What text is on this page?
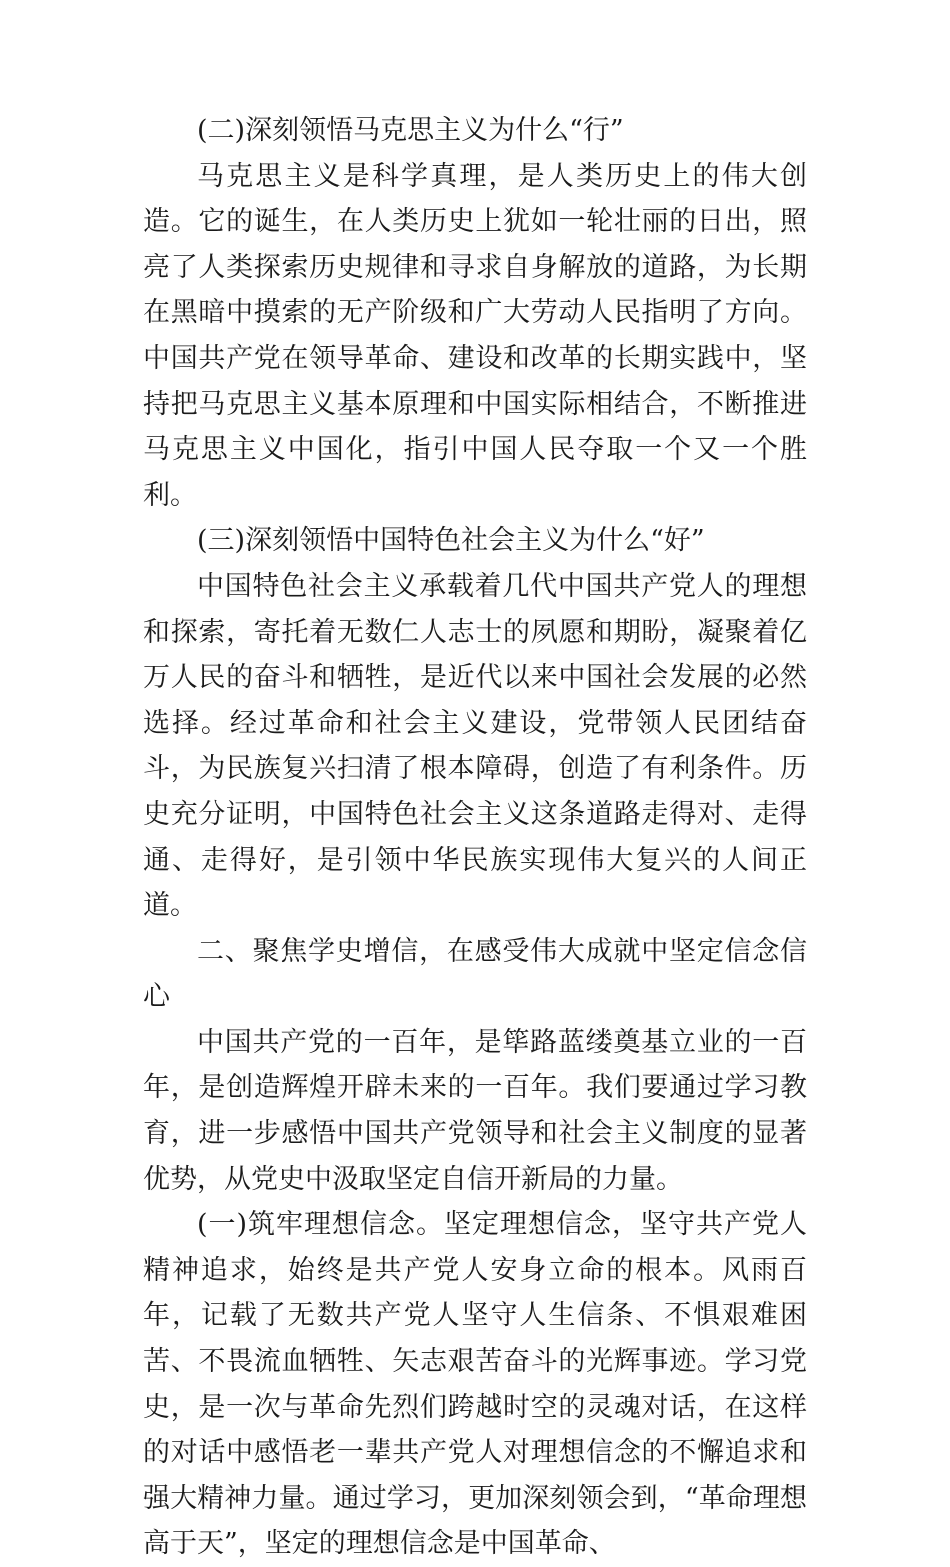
(二)深刻领悟马克思主义为什么“行”

马克思主义是科学真理，是人类历史上的伟大创造。它的诞生，在人类历史上犹如一轮壮丽的日出，照亮了人类探索历史规律和寻求自身解放的道路，为长期在黑暗中摸索的无产阶级和广大劳动人民指明了方向。中国共产党在领导革命、建设和改革的长期实践中，坚持把马克思主义基本原理和中国实际相结合，不断推进马克思主义中国化，指引中国人民夺取一个又一个胜利。

(三)深刻领悟中国特色社会主义为什么“好”

中国特色社会主义承载着几代中国共产党人的理想和探索，寄托着无数仁人志士的夙愿和期盼，凝聚着亿万人民的奋斗和牺牲，是近代以来中国社会发展的必然选择。经过革命和社会主义建设，党带领人民团结奋斗，为民族复兴扫清了根本障碍，创造了有利条件。历史充分证明，中国特色社会主义这条道路走得对、走得通、走得好，是引领中华民族实现伟大复兴的人间正道。

二、聚焦学史增信，在感受伟大成就中坚定信念信心

中国共产党的一百年，是筚路蓝缕奠基立业的一百年，是创造辉煌开辟未来的一百年。我们要通过学习教育，进一步感悟中国共产党领导和社会主义制度的显著优势，从党史中汲取坚定自信开新局的力量。

(一)筑牢理想信念。坚定理想信念，坚守共产党人精神追求，始终是共产党人安身立命的根本。风雨百年，记载了无数共产党人坚守人生信条、不惧艰难困苦、不畏流血牺牲、矢志艰苦奋斗的光辉事迹。学习党史，是一次与革命先烈们跨越时空的灵魂对话，在这样的对话中感悟老一辈共产党人对理想信念的不懈追求和强大精神力量。通过学习，更加深刻领会到，“革命理想高于天”，坚定的理想信念是中国革命、
